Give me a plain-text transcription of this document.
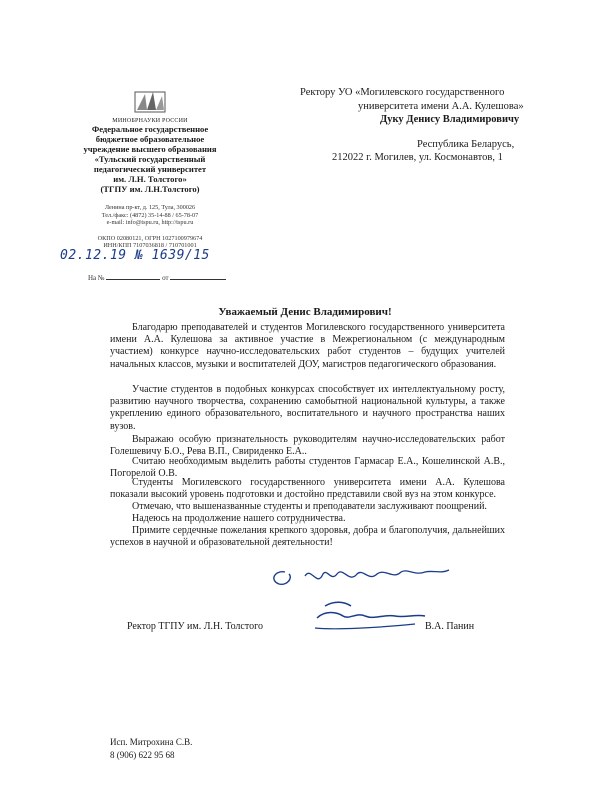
МИНОБРНАУКИ РОССИИ
Федеральное государственное
бюджетное образовательное
учреждение высшего образования
«Тульский государственный
педагогический университет
им. Л.Н. Толстого»
(ТГПУ им. Л.Н.Толстого)
Ленина пр-кт, д. 125, Тула, 300026
Тел./факс: (4872) 35-14-88 / 65-78-07
e-mail: info@tspu.ru, http://tspu.ru
ОКПО 02080121, ОГРН 1027100979674
ИНН/КПП 7107036818 / 710701001
02.12.19 № 1639/15
На №	от
Ректору УО «Могилевского государственного
университета имени А.А. Кулешова»
Дуку Денису Владимировичу
Республика Беларусь,
212022 г. Могилев, ул. Космонавтов, 1
Уважаемый Денис Владимирович!
Благодарю преподавателей и студентов Могилевского государственного университета имени А.А. Кулешова за активное участие в Межрегиональном (с международным участием) конкурсе научно-исследовательских работ студентов – будущих учителей начальных классов, музыки и воспитателей ДОУ, магистров педагогического образования.
Участие студентов в подобных конкурсах способствует их интеллектуальному росту, развитию научного творчества, сохранению самобытной национальной культуры, а также укреплению единого образовательного, воспитательного и научного пространства наших вузов.
Выражаю особую признательность руководителям научно-исследовательских работ Голешевичу Б.О., Рева В.П., Свириденко Е.А..
Считаю необходимым выделить работы студентов Гармасар Е.А., Кошелинской А.В., Погорелой О.В.
Студенты Могилевского государственного университета имени А.А. Кулешова показали высокий уровень подготовки и достойно представили свой вуз на этом конкурсе.
Отмечаю, что вышеназванные студенты и преподаватели заслуживают поощрений.
Надеюсь на продолжение нашего сотрудничества.
Примите сердечные пожелания крепкого здоровья, добра и благополучия, дальнейших успехов в научной и образовательной деятельности!
Ректор ТГПУ им. Л.Н. Толстого	В.А. Панин
Исп. Митрохина С.В.
8 (906) 622 95 68
